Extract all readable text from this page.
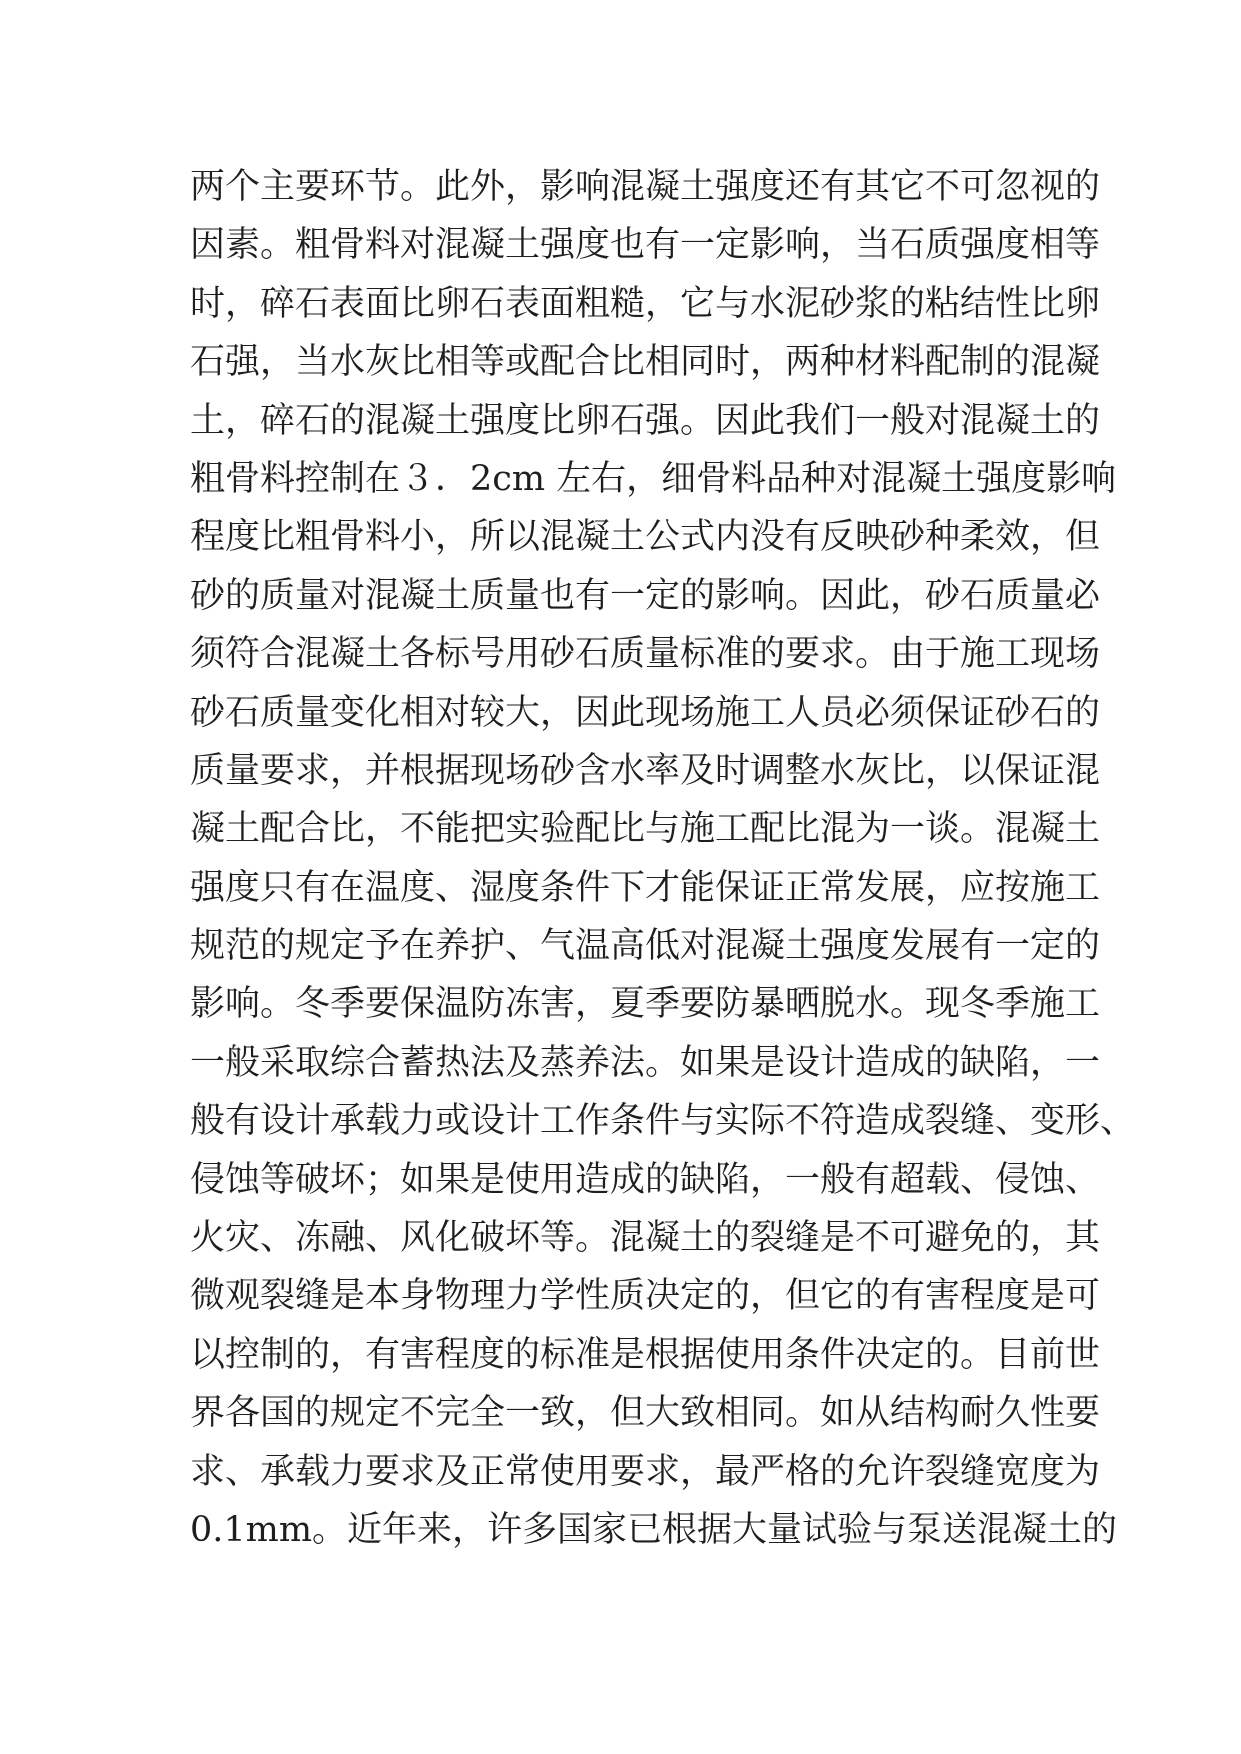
两个主要环节。此外，影响混凝土强度还有其它不可忽视的
因素。粗骨料对混凝土强度也有一定影响，当石质强度相等
时，碎石表面比卵石表面粗糙，它与水泥砂浆的粘结性比卵
石强，当水灰比相等或配合比相同时，两种材料配制的混凝
土，碎石的混凝土强度比卵石强。因此我们一般对混凝土的
粗骨料控制在３．2cm 左右，细骨料品种对混凝土强度影响
程度比粗骨料小，所以混凝土公式内没有反映砂种柔效，但
砂的质量对混凝土质量也有一定的影响。因此，砂石质量必
须符合混凝土各标号用砂石质量标准的要求。由于施工现场
砂石质量变化相对较大，因此现场施工人员必须保证砂石的
质量要求，并根据现场砂含水率及时调整水灰比，以保证混
凝土配合比，不能把实验配比与施工配比混为一谈。混凝土
强度只有在温度、湿度条件下才能保证正常发展，应按施工
规范的规定予在养护、气温高低对混凝土强度发展有一定的
影响。冬季要保温防冻害，夏季要防暴晒脱水。现冬季施工
一般采取综合蓄热法及蒸养法。如果是设计造成的缺陷，一
般有设计承载力或设计工作条件与实际不符造成裂缝、变形、
侵蚀等破坏；如果是使用造成的缺陷，一般有超载、侵蚀、
火灾、冻融、风化破坏等。混凝土的裂缝是不可避免的，其
微观裂缝是本身物理力学性质决定的，但它的有害程度是可
以控制的，有害程度的标准是根据使用条件决定的。目前世
界各国的规定不完全一致，但大致相同。如从结构耐久性要
求、承载力要求及正常使用要求，最严格的允许裂缝宽度为
0.1mm。近年来，许多国家已根据大量试验与泵送混凝土的
